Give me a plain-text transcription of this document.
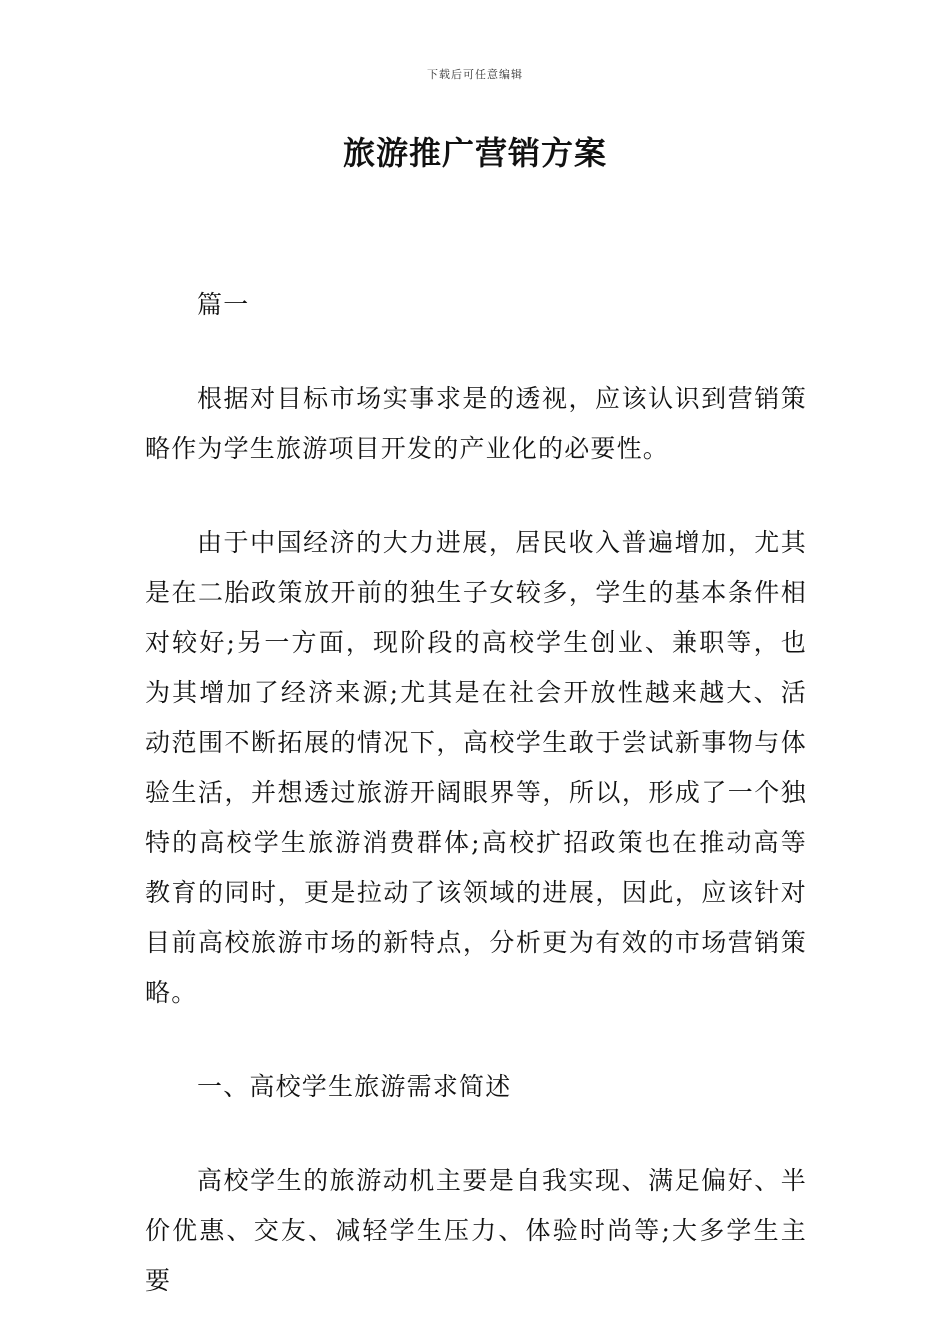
下载后可任意编辑
旅游推广营销方案

篇一

根据对目标市场实事求是的透视，应该认识到营销策略作为学生旅游项目开发的产业化的必要性。

由于中国经济的大力进展，居民收入普遍增加，尤其是在二胎政策放开前的独生子女较多，学生的基本条件相对较好;另一方面，现阶段的高校学生创业、兼职等，也为其增加了经济来源;尤其是在社会开放性越来越大、活动范围不断拓展的情况下，高校学生敢于尝试新事物与体验生活，并想透过旅游开阔眼界等，所以，形成了一个独特的高校学生旅游消费群体;高校扩招政策也在推动高等教育的同时，更是拉动了该领域的进展，因此，应该针对目前高校旅游市场的新特点，分析更为有效的市场营销策略。

一、高校学生旅游需求简述

高校学生的旅游动机主要是自我实现、满足偏好、半价优惠、交友、减轻学生压力、体验时尚等;大多学生主要
